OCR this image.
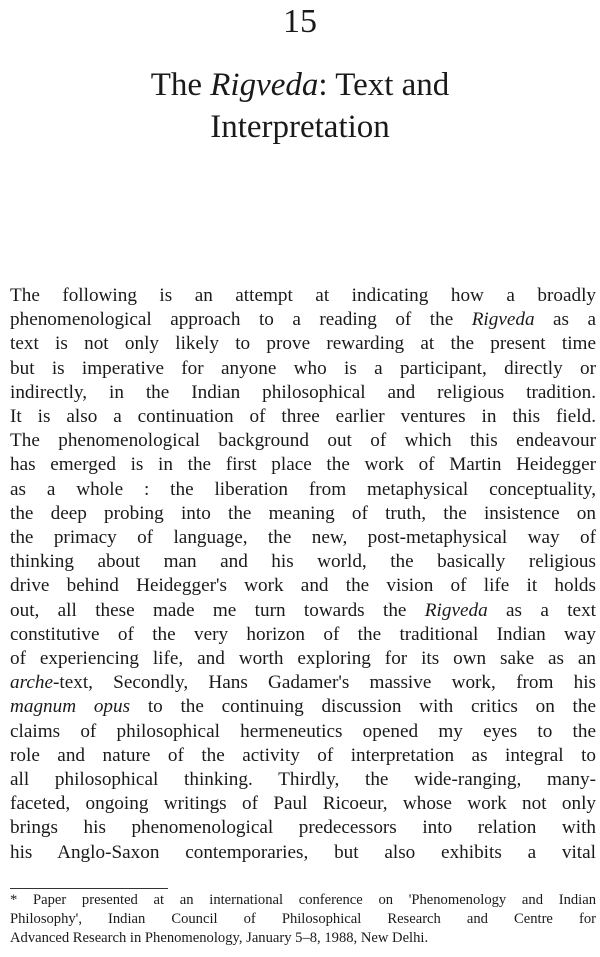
15
The Rigveda: Text and
Interpretation
The following is an attempt at indicating how a broadly
phenomenological approach to a reading of the Rigveda as a
text is not only likely to prove rewarding at the present time
but is imperative for anyone who is a participant, directly or
indirectly, in the Indian philosophical and religious tradition.
It is also a continuation of three earlier ventures in this field.
The phenomenological background out of which this endeavour
has emerged is in the first place the work of Martin Heidegger
as a whole : the liberation from metaphysical conceptuality,
the deep probing into the meaning of truth, the insistence on
the primacy of language, the new, post-metaphysical way of
thinking about man and his world, the basically religious
drive behind Heidegger's work and the vision of life it holds
out, all these made me turn towards the Rigveda as a text
constitutive of the very horizon of the traditional Indian way
of experiencing life, and worth exploring for its own sake as an
arche-text, Secondly, Hans Gadamer's massive work, from his
magnum opus to the continuing discussion with critics on the
claims of philosophical hermeneutics opened my eyes to the
role and nature of the activity of interpretation as integral to
all philosophical thinking. Thirdly, the wide-ranging, many-
faceted, ongoing writings of Paul Ricoeur, whose work not only
brings his phenomenological predecessors into relation with
his Anglo-Saxon contemporaries, but also exhibits a vital
* Paper presented at an international conference on 'Phenomenology and Indian
Philosophy', Indian Council of Philosophical Research and Centre for
Advanced Research in Phenomenology, January 5–8, 1988, New Delhi.
